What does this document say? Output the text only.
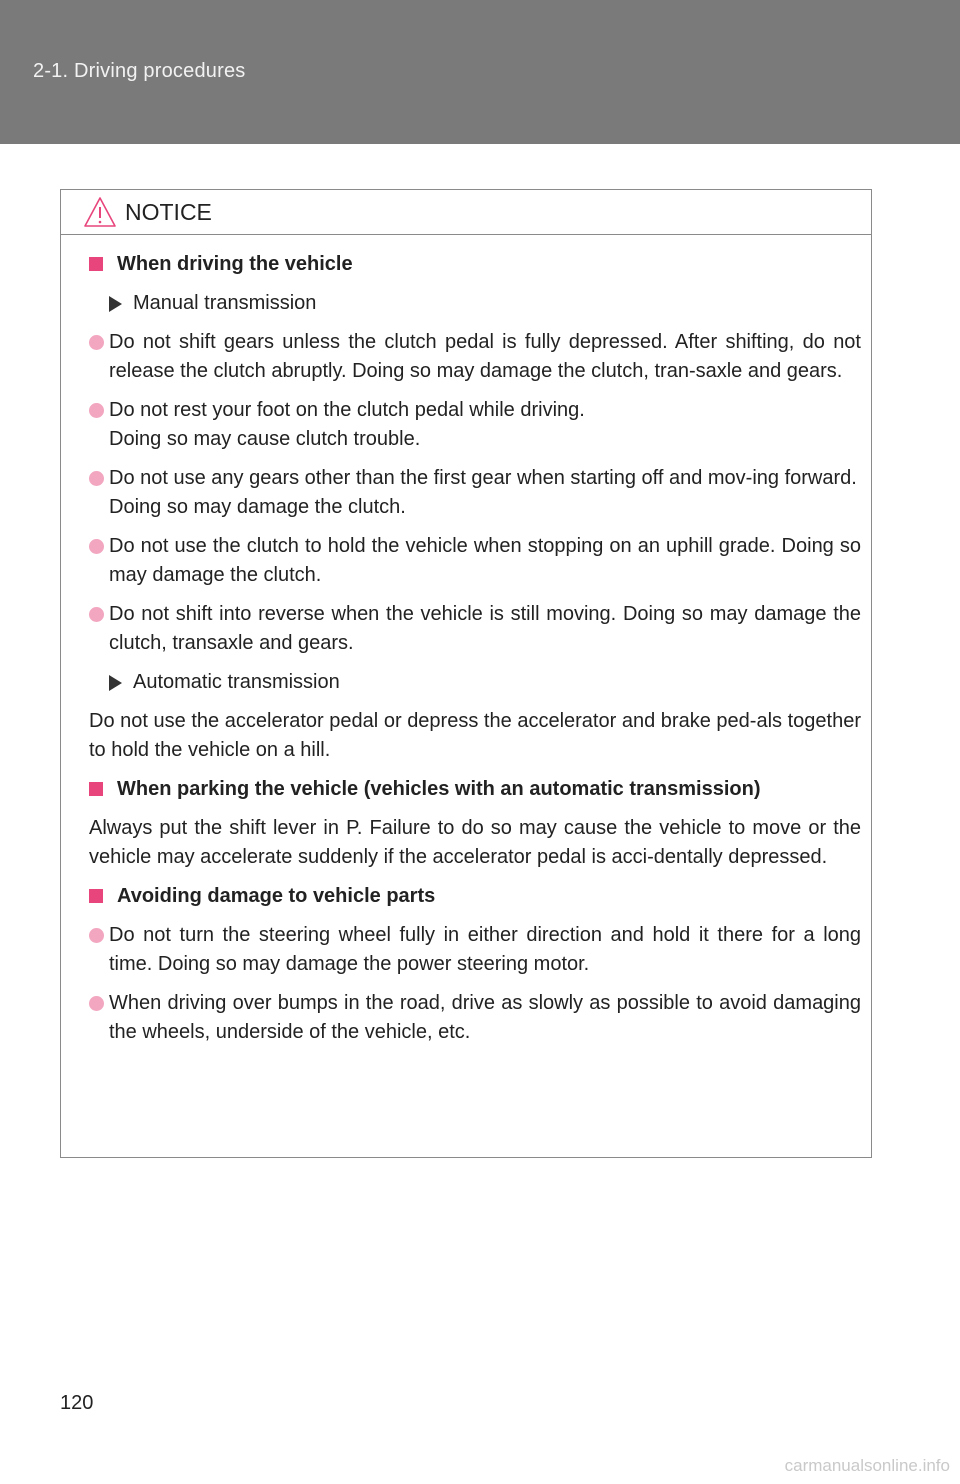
2-1. Driving procedures
NOTICE
When driving the vehicle
Manual transmission
Do not shift gears unless the clutch pedal is fully depressed. After shifting, do not release the clutch abruptly. Doing so may damage the clutch, tran-saxle and gears.
Do not rest your foot on the clutch pedal while driving.
Doing so may cause clutch trouble.
Do not use any gears other than the first gear when starting off and mov-ing forward.
Doing so may damage the clutch.
Do not use the clutch to hold the vehicle when stopping on an uphill grade. Doing so may damage the clutch.
Do not shift into reverse when the vehicle is still moving. Doing so may damage the clutch, transaxle and gears.
Automatic transmission
Do not use the accelerator pedal or depress the accelerator and brake ped-als together to hold the vehicle on a hill.
When parking the vehicle (vehicles with an automatic transmission)
Always put the shift lever in P. Failure to do so may cause the vehicle to move or the vehicle may accelerate suddenly if the accelerator pedal is acci-dentally depressed.
Avoiding damage to vehicle parts
Do not turn the steering wheel fully in either direction and hold it there for a long time. Doing so may damage the power steering motor.
When driving over bumps in the road, drive as slowly as possible to avoid damaging the wheels, underside of the vehicle, etc.
120
carmanualsonline.info
